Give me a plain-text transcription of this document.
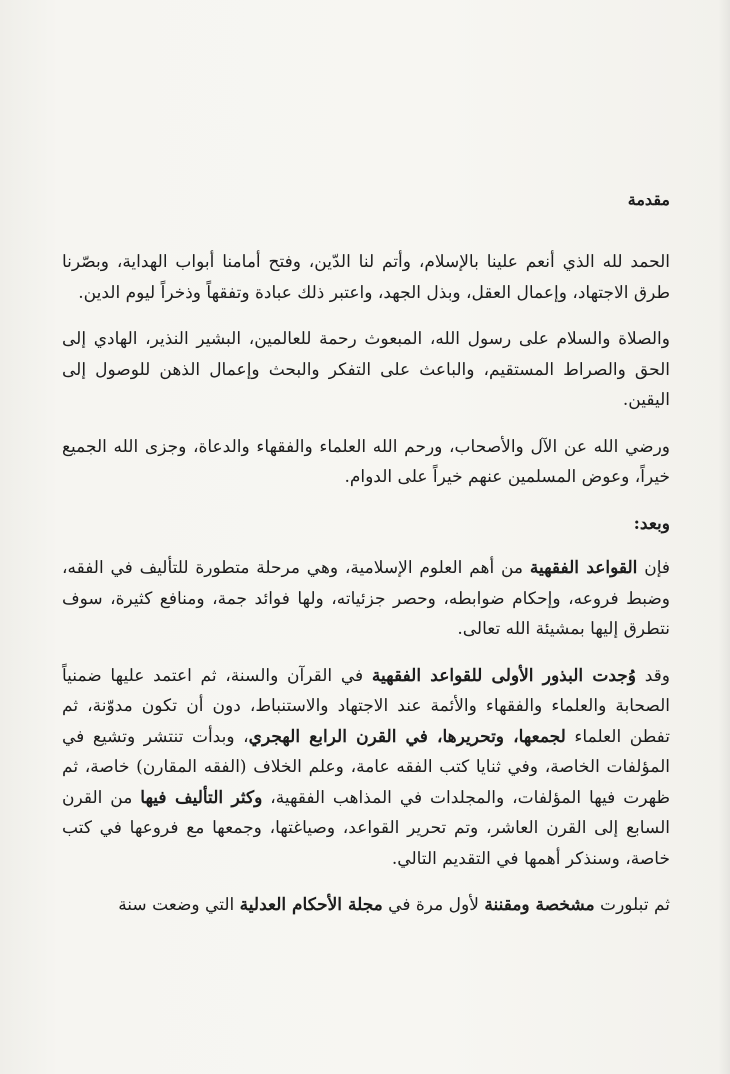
مقدمة

الحمد لله الذي أنعم علينا بالإسلام، وأتم لنا الدّين، وفتح أمامنا أبواب الهداية، وبصّرنا طرق الاجتهاد، وإعمال العقل، وبذل الجهد، واعتبر ذلك عبادة وتفقهاً وذخراً ليوم الدين.

والصلاة والسلام على رسول الله، المبعوث رحمة للعالمين، البشير النذير، الهادي إلى الحق والصراط المستقيم، والباعث على التفكر والبحث وإعمال الذهن للوصول إلى اليقين.

ورضي الله عن الآل والأصحاب، ورحم الله العلماء والفقهاء والدعاة، وجزى الله الجميع خيراً، وعوض المسلمين عنهم خيراً على الدوام.

وبعد:

فإن القواعد الفقهية من أهم العلوم الإسلامية، وهي مرحلة متطورة للتأليف في الفقه، وضبط فروعه، وإحكام ضوابطه، وحصر جزئياته، ولها فوائد جمة، ومنافع كثيرة، سوف نتطرق إليها بمشيئة الله تعالى.

وقد وُجدت البذور الأولى للقواعد الفقهية في القرآن والسنة، ثم اعتمد عليها ضمنياً الصحابة والعلماء والفقهاء والأئمة عند الاجتهاد والاستنباط، دون أن تكون مدوّنة، ثم تفطن العلماء لجمعها، وتحريرها، في القرن الرابع الهجري، وبدأت تنتشر وتشيع في المؤلفات الخاصة، وفي ثنايا كتب الفقه عامة، وعلم الخلاف (الفقه المقارن) خاصة، ثم ظهرت فيها المؤلفات، والمجلدات في المذاهب الفقهية، وكثر التأليف فيها من القرن السابع إلى القرن العاشر، وتم تحرير القواعد، وصياغتها، وجمعها مع فروعها في كتب خاصة، وسنذكر أهمها في التقديم التالي.

ثم تبلورت مشخصة ومقننة لأول مرة في مجلة الأحكام العدلية التي وضعت سنة
